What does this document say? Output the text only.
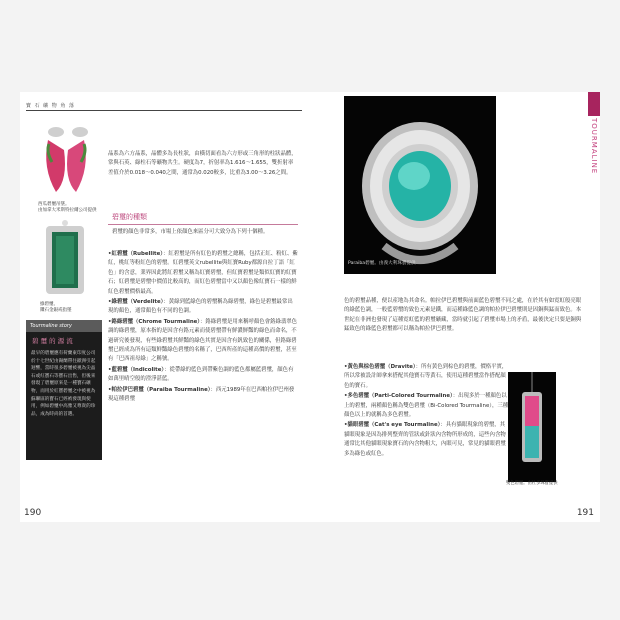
寶 石 礦 物 角 落
西瓜碧璽吊墜。
由加拿大米斯特拉爾公司提供
綠碧璽、
鑽石金銀戒指墜
Tourmaline story
碧 璽 的 源 流
最早的碧璽應有荷蘭東印度公司於十七世紀由錫蘭帶往歐洲引起迴響，當時很多碧璽被視為尖晶石或紅寶石等寶石出售，但後來發現了碧璽原來是一種寶石礦物，而用於紅寶碧璽之中被視為蘇聯區的寶石已經被發現與使用，例如碧璽中高雅又尊貴的珍品，成為時尚的首選。

晶系為六方晶系，晶體多為長柱狀，由橫切面看為六方形或三角形的柱狀晶體，常與石英、綠柱石等礦物共生。硬度為7，折射率為1.616～1.655，雙折射率差值介於0.018～0.040之間，通常為0.020較多，比重為3.00～3.26之間。

碧璽的種類

碧璽的顏色非常多，市場上依顏色來區分可大致分為下列十個種。

•紅碧璽（Rubellite）：紅碧璽是所有紅色的碧璽之總稱，包括正紅、粉紅、紫紅，桃紅等粉紅色的碧璽。紅碧璽英文rubellite與紅寶Ruby都源自拉丁語「紅色」的含意，業界因此將紅碧璽又稱為紅寶碧璽，但紅寶碧璽是類似紅寶的紅寶石；紅碧璽是碧璽中價值比較高的，而紅色碧璽當中又以顏色像紅寶石一樣的鮮紅色碧璽價格最高。
•綠碧璽（Verdelite）：黃綠到藍綠色的碧璽稱為綠碧璽，綠色是碧璽最常出現的顏色，通常顏色有不同的色調。
•鉻綠碧璽（Chrome Tourmaline）：鉻綠碧璽是用來稱呼顏色會鉻綠翡翠色調的綠碧璽，原本指的是因含有鉻元素而使碧璽帶有鮮濃鮮豔的綠色而命名，不過研究後發現，有些綠碧璽其鮮豔的綠色其實是因含有釩致色的關係，但鉻綠碧璽已經成為所有這類鮮豔綠色碧璽的名稱了，巴西所產的這種高價的碧璽，甚至有「巴西祖母綠」之稱號。
•藍碧璽（Indicolite）：從帶綠的藍色到帶紫色調的藍色都屬藍碧璽，顏色有如萬里晴空般的澄淨湛藍。
•帕拉伊巴碧璽（Paraiba Tourmaline）：西元1989年在巴西帕拉伊巴州發現這種碧璽
190
TOURMALINE
Paraiba碧璽。由義大利珠寶提供

色的碧璽品種，便以產地為其命名。帕拉伊巴碧璽與前面藍色碧璽不同之處，在於其有如霓虹般亮眼的綠藍色調，一般藍碧璽的致色元素是鐵，而這種綠藍色調的帕拉伊巴碧璽則是因銅與錳而致色。本世紀在非洲也發現了這種霓虹藍的碧璽礦藏，當時就引起了碧璽市場上的矛盾，最後決定只要是銅與錳致色的綠藍色碧璽都可以稱為帕拉伊巴碧璽。

•黃色與棕色碧璽（Dravite）：所有黃色到棕色的碧璽，價格平實，所以常被設計師拿來搭配其他寶石等黃石，使用這種碧璽當作搭配顏色的寶石。
•多色碧璽（Parti-Colored Tourmaline）：出現多於一種顏色以上的碧璽，兩種顏色稱為雙色碧璽（Bi-Colored Tourmaline），三種顏色以上的就稱為多色碧璽。
•貓眼碧璽（Cat's eye Tourmaline）：具有貓眼現象的碧璽，其貓眼現象是因為排列整齊的管狀或針狀內含物所形成的，這些內含物通常比其他貓眼現象寶石的內含物粗大，內眼可見，常見的貓眼碧璽多為綠色或紅色。
雙色碧璽。由杜多珠寶提供
191
